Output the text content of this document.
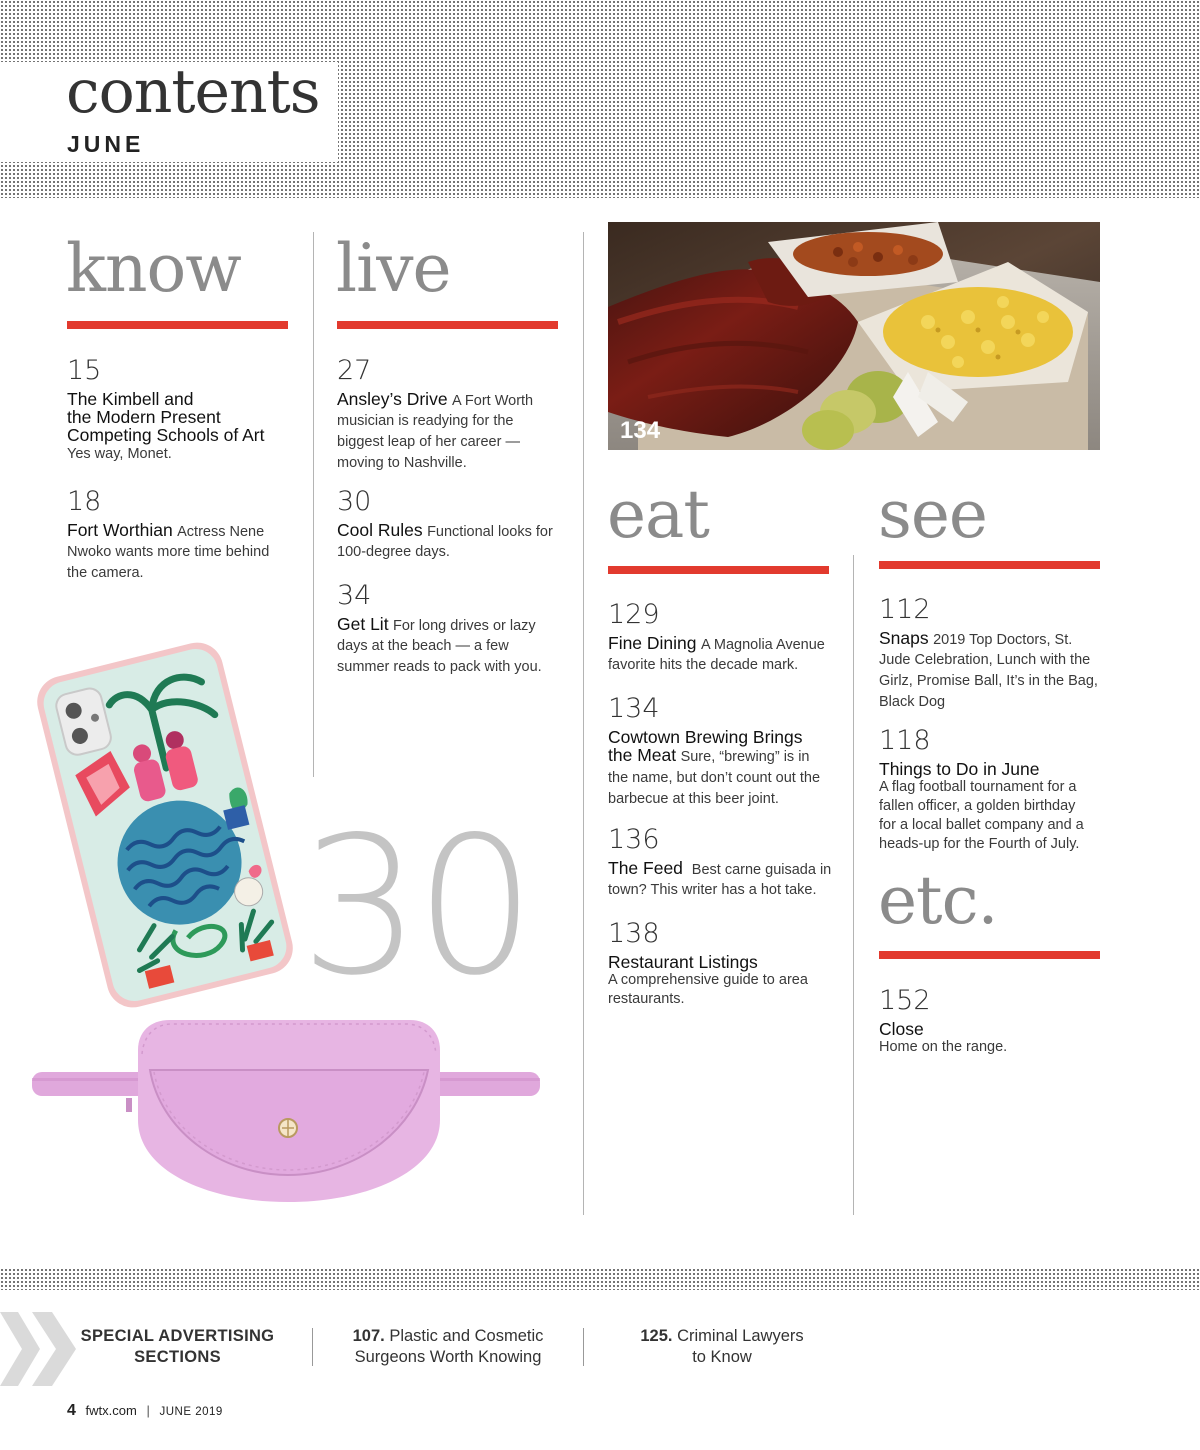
contents
JUNE
know
15
The Kimbell and
the Modern Present
Competing Schools of Art
Yes way, Monet.
18
Fort Worthian Actress Nene Nwoko wants more time behind the camera.
live
27
Ansley’s Drive A Fort Worth musician is readying for the biggest leap of her career — moving to Nashville.
30
Cool Rules Functional looks for 100-degree days.
34
Get Lit For long drives or lazy days at the beach — a few summer reads to pack with you.
134
eat
129
Fine Dining A Magnolia Avenue favorite hits the decade mark.
134
Cowtown Brewing Brings
the Meat Sure, “brewing” is in the name, but don’t count out the barbecue at this beer joint.
136
The Feed Best carne guisada in town? This writer has a hot take.
138
Restaurant Listings
A comprehensive guide to area restaurants.
see
112
Snaps 2019 Top Doctors, St. Jude Celebration, Lunch with the Girlz, Promise Ball, It’s in the Bag, Black Dog
118
Things to Do in June
A flag football tournament for a fallen officer, a golden birthday for a local ballet company and a heads-up for the Fourth of July.
etc.
152
Close
Home on the range.
30
SPECIAL ADVERTISING
SECTIONS
107. Plastic and Cosmetic
Surgeons Worth Knowing
125. Criminal Lawyers
to Know
4 fwtx.com | JUNE 2019
